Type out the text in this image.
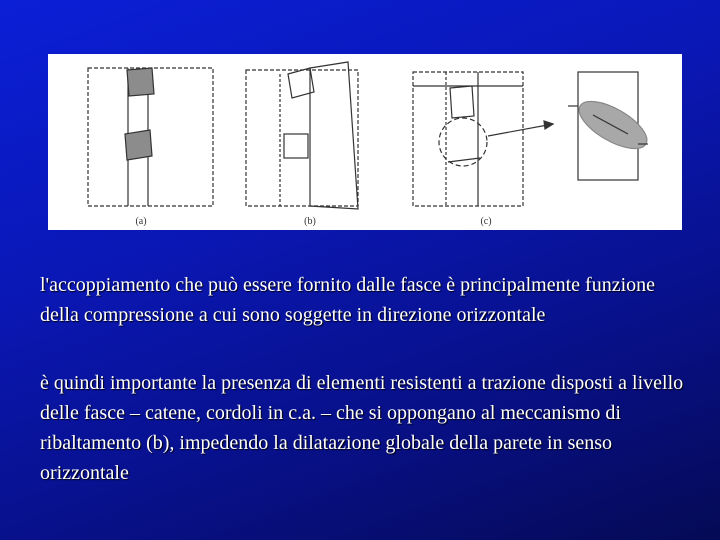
(a)	(b)	(c)

l'accoppiamento che può essere fornito dalle fasce è principalmente funzione della compressione a cui sono soggette in direzione orizzontale

è quindi importante la presenza di elementi resistenti a trazione disposti a livello delle fasce – catene, cordoli in c.a. – che si oppongano al meccanismo di ribaltamento (b), impedendo la dilatazione globale della parete in senso orizzontale
